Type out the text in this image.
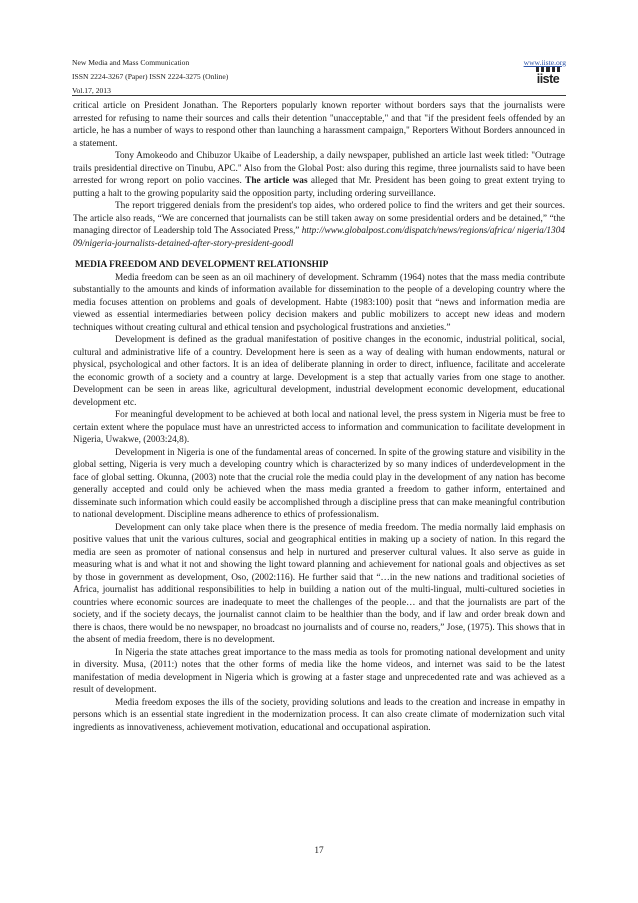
New Media and Mass Communication	www.iiste.org
ISSN 2224-3267 (Paper) ISSN 2224-3275 (Online)
Vol.17, 2013
iiste

critical article on President Jonathan. The Reporters popularly known reporter without borders says that the journalists were arrested for refusing to name their sources and calls their detention "unacceptable," and that "if the president feels offended by an article, he has a number of ways to respond other than launching a harassment campaign," Reporters Without Borders announced in a statement.

Tony Amokeodo and Chibuzor Ukaibe of Leadership, a daily newspaper, published an article last week titled: "Outrage trails presidential directive on Tinubu, APC." Also from the Global Post: also during this regime, three journalists said to have been arrested for wrong report on polio vaccines. The article was alleged that Mr. President has been going to great extent trying to putting a halt to the growing popularity said the opposition party, including ordering surveillance.

The report triggered denials from the president's top aides, who ordered police to find the writers and get their sources. The article also reads, “We are concerned that journalists can be still taken away on some presidential orders and be detained,” “the managing director of Leadership told The Associated Press,” http://www.globalpost.com/dispatch/news/regions/africa/ nigeria/130409/nigeria-journalists-detained-after-story-president-goodl

MEDIA FREEDOM AND DEVELOPMENT RELATIONSHIP

Media freedom can be seen as an oil machinery of development. Schramm (1964) notes that the mass media contribute substantially to the amounts and kinds of information available for dissemination to the people of a developing country where the media focuses attention on problems and goals of development. Habte (1983:100) posit that “news and information media are viewed as essential intermediaries between policy decision makers and public mobilizers to accept new ideas and modern techniques without creating cultural and ethical tension and psychological frustrations and anxieties.”

Development is defined as the gradual manifestation of positive changes in the economic, industrial political, social, cultural and administrative life of a country. Development here is seen as a way of dealing with human endowments, natural or physical, psychological and other factors. It is an idea of deliberate planning in order to direct, influence, facilitate and accelerate the economic growth of a society and a country at large. Development is a step that actually varies from one stage to another. Development can be seen in areas like, agricultural development, industrial development economic development, educational development etc.

For meaningful development to be achieved at both local and national level, the press system in Nigeria must be free to certain extent where the populace must have an unrestricted access to information and communication to facilitate development in Nigeria, Uwakwe, (2003:24,8).

Development in Nigeria is one of the fundamental areas of concerned. In spite of the growing stature and visibility in the global setting, Nigeria is very much a developing country which is characterized by so many indices of underdevelopment in the face of global setting. Okunna, (2003) note that the crucial role the media could play in the development of any nation has become generally accepted and could only be achieved when the mass media granted a freedom to gather inform, entertained and disseminate such information which could easily be accomplished through a discipline press that can make meaningful contribution to national development. Discipline means adherence to ethics of professionalism.

Development can only take place when there is the presence of media freedom. The media normally laid emphasis on positive values that unit the various cultures, social and geographical entities in making up a society of nation. In this regard the media are seen as promoter of national consensus and help in nurtured and preserver cultural values. It also serve as guide in measuring what is and what it not and showing the light toward planning and achievement for national goals and objectives as set by those in government as development, Oso, (2002:116). He further said that “…in the new nations and traditional societies of Africa, journalist has additional responsibilities to help in building a nation out of the multi-lingual, multi-cultured societies in countries where economic sources are inadequate to meet the challenges of the people… and that the journalists are part of the society, and if the society decays, the journalist cannot claim to be healthier than the body, and if law and order break down and there is chaos, there would be no newspaper, no broadcast no journalists and of course no, readers,” Jose, (1975). This shows that in the absent of media freedom, there is no development.

In Nigeria the state attaches great importance to the mass media as tools for promoting national development and unity in diversity. Musa, (2011:) notes that the other forms of media like the home videos, and internet was said to be the latest manifestation of media development in Nigeria which is growing at a faster stage and unprecedented rate and was achieved as a result of development.

Media freedom exposes the ills of the society, providing solutions and leads to the creation and increase in empathy in persons which is an essential state ingredient in the modernization process. It can also create climate of modernization such vital ingredients as innovativeness, achievement motivation, educational and occupational aspiration.

17
